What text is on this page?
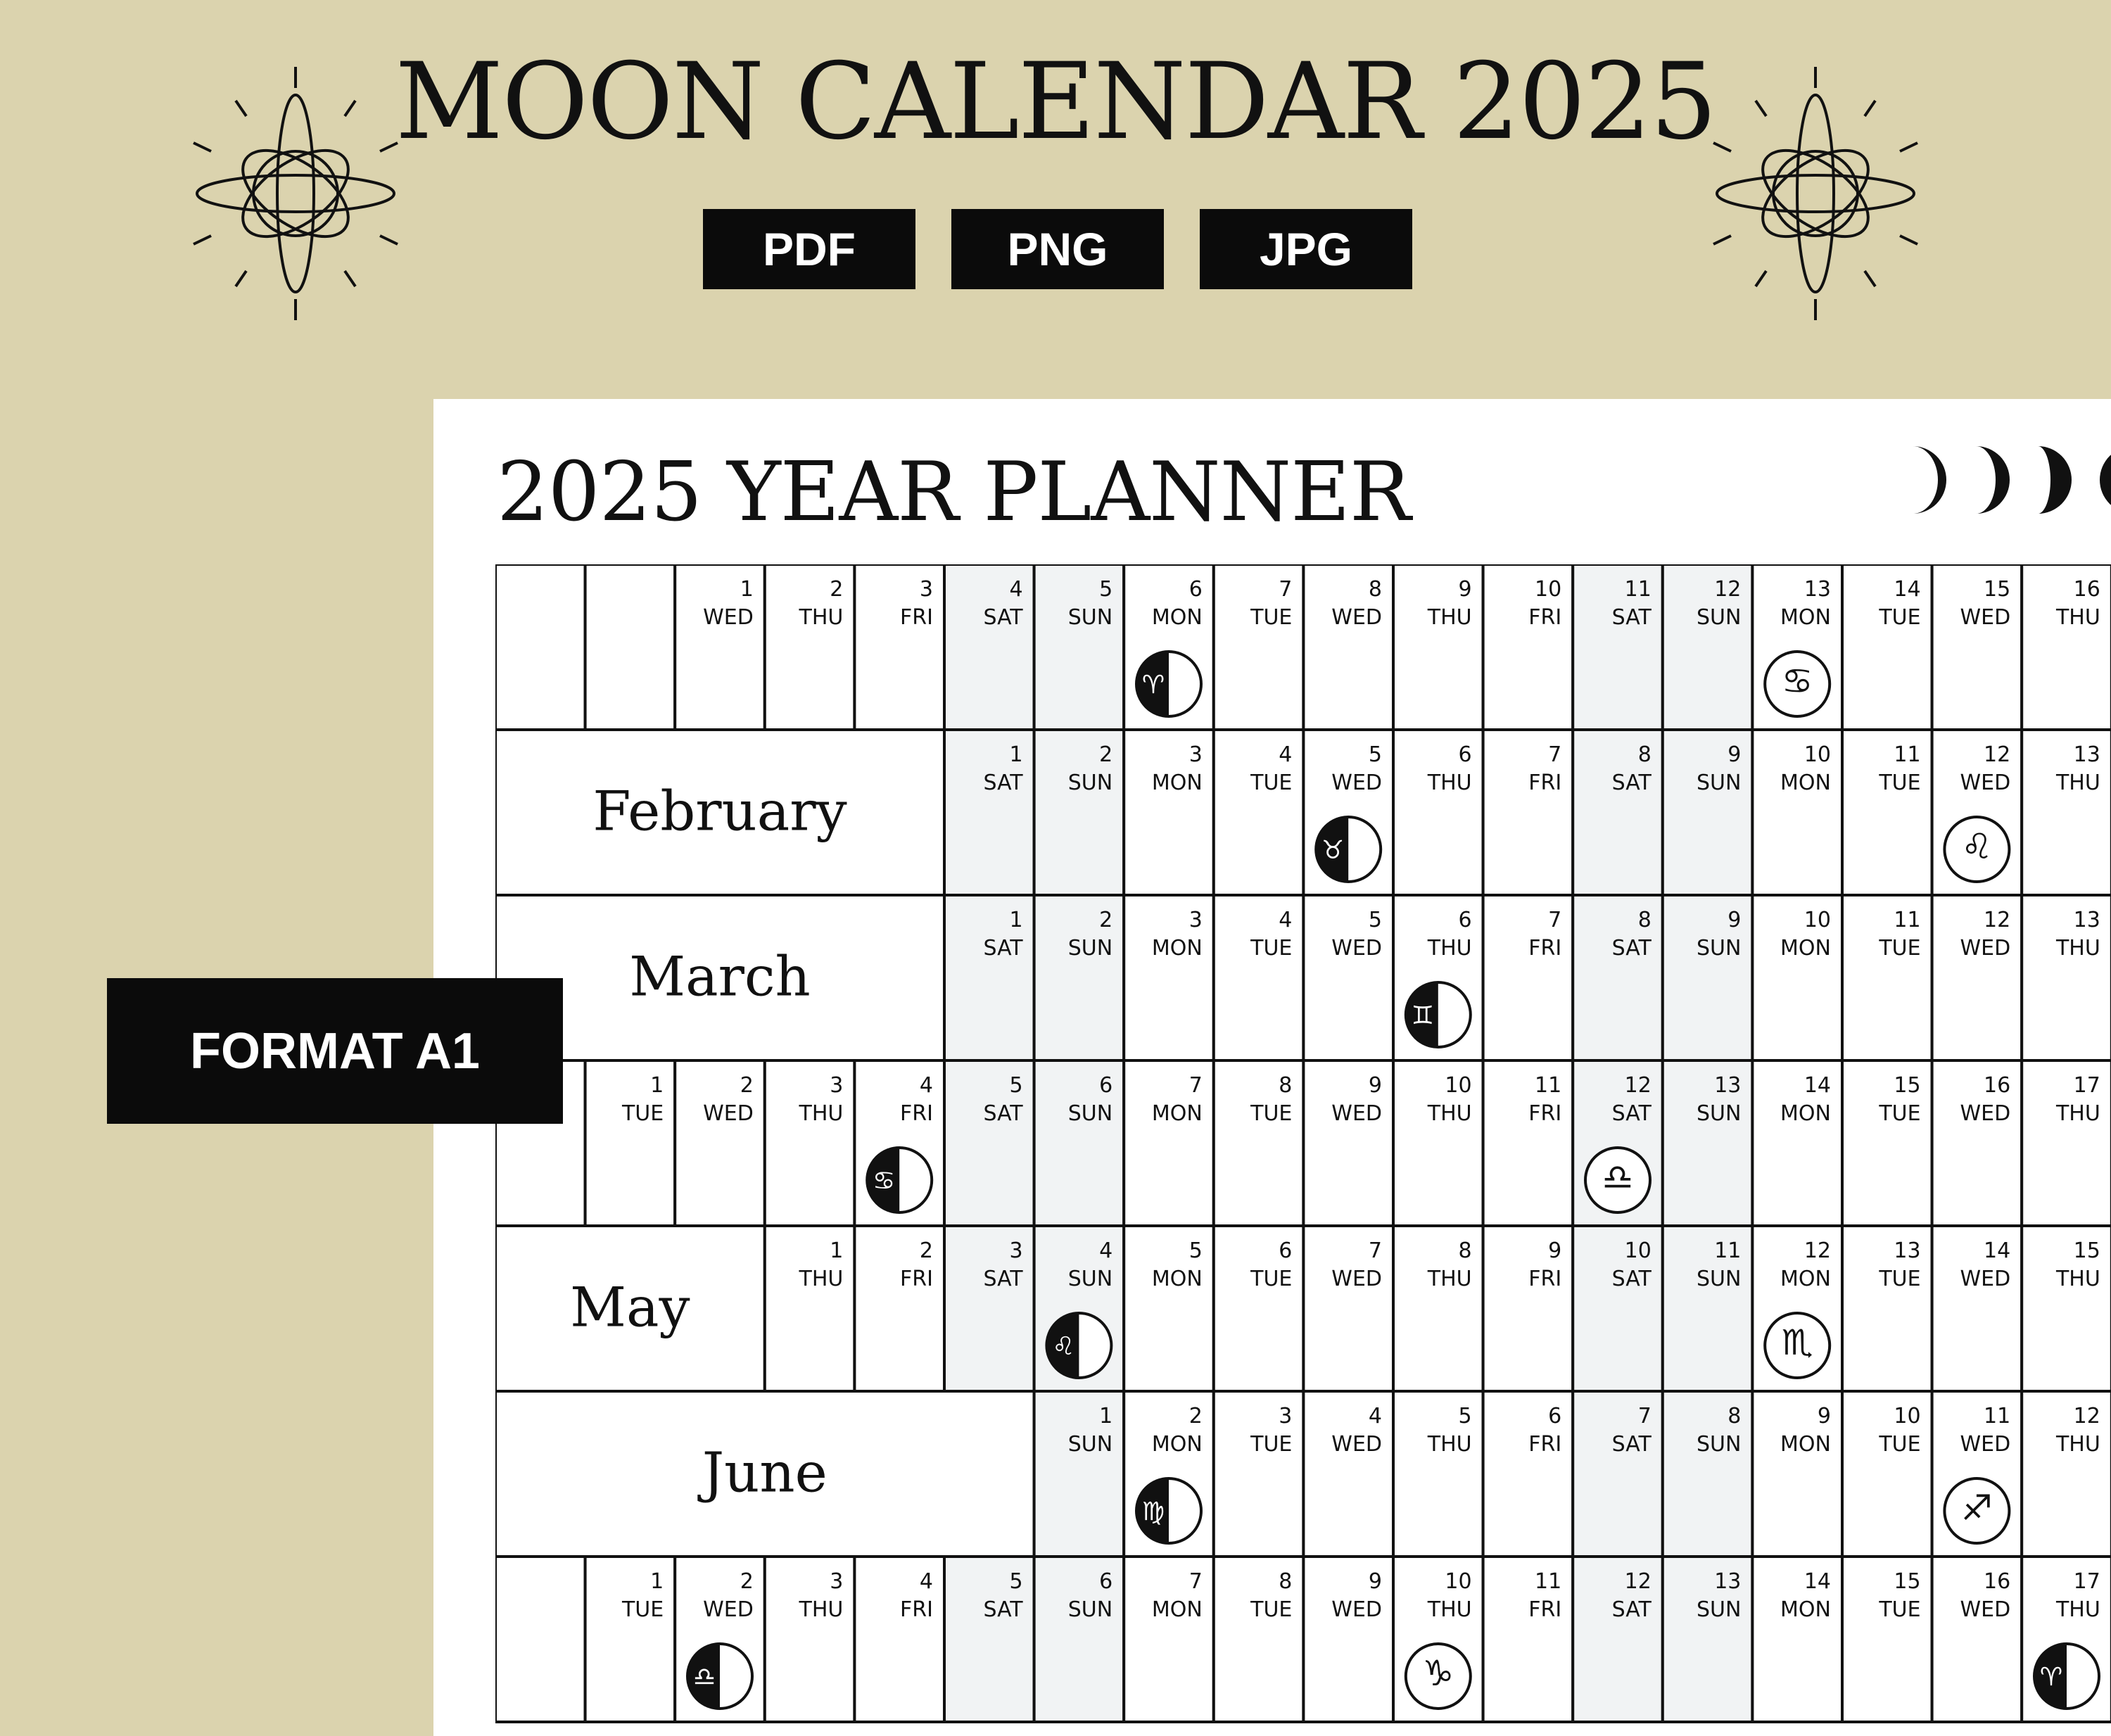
MOON CALENDAR 2025
PDF	PNG	JPG
2025 YEAR PLANNER
1
WED
2
THU
3
FRI
4
SAT
5
SUN
6
MON
♈
7
TUE
8
WED
9
THU
10
FRI
11
SAT
12
SUN
13
MON
♋
14
TUE
15
WED
16
THU
February
1
SAT
2
SUN
3
MON
4
TUE
5
WED
♉
6
THU
7
FRI
8
SAT
9
SUN
10
MON
11
TUE
12
WED
♌
13
THU
March
1
SAT
2
SUN
3
MON
4
TUE
5
WED
6
THU
♊
7
FRI
8
SAT
9
SUN
10
MON
11
TUE
12
WED
13
THU
1
TUE
2
WED
3
THU
4
FRI
♋
5
SAT
6
SUN
7
MON
8
TUE
9
WED
10
THU
11
FRI
12
SAT
♎
13
SUN
14
MON
15
TUE
16
WED
17
THU
May
1
THU
2
FRI
3
SAT
4
SUN
♌
5
MON
6
TUE
7
WED
8
THU
9
FRI
10
SAT
11
SUN
12
MON
♏
13
TUE
14
WED
15
THU
June
1
SUN
2
MON
♍
3
TUE
4
WED
5
THU
6
FRI
7
SAT
8
SUN
9
MON
10
TUE
11
WED
♐
12
THU
1
TUE
2
WED
♎
3
THU
4
FRI
5
SAT
6
SUN
7
MON
8
TUE
9
WED
10
THU
♑
11
FRI
12
SAT
13
SUN
14
MON
15
TUE
16
WED
17
THU
♈
FORMAT A1
